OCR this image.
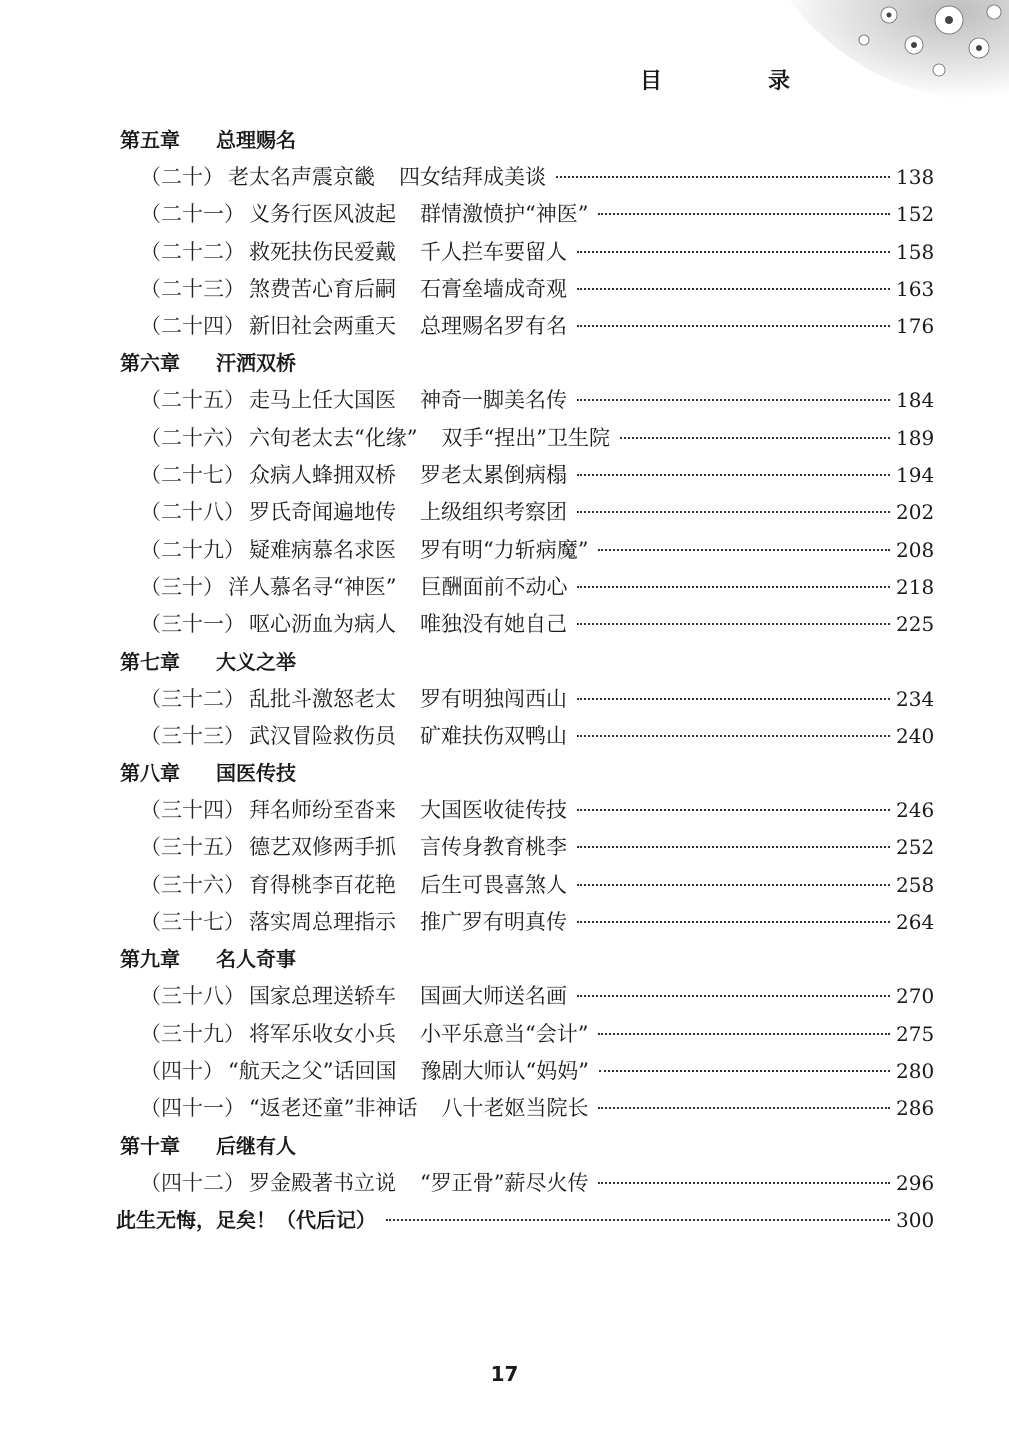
目　录
第五章 总理赐名
（二十） 老太名声震京畿 四女结拜成美谈	138
（二十一） 义务行医风波起 群情激愤护“神医”	152
（二十二） 救死扶伤民爱戴 千人拦车要留人	158
（二十三） 煞费苦心育后嗣 石膏垒墙成奇观	163
（二十四） 新旧社会两重天 总理赐名罗有名	176
第六章 汗洒双桥
（二十五） 走马上任大国医 神奇一脚美名传	184
（二十六） 六旬老太去“化缘” 双手“捏出”卫生院	189
（二十七） 众病人蜂拥双桥 罗老太累倒病榻	194
（二十八） 罗氏奇闻遍地传 上级组织考察团	202
（二十九） 疑难病慕名求医 罗有明“力斩病魔”	208
（三十） 洋人慕名寻“神医” 巨酬面前不动心	218
（三十一） 呕心沥血为病人 唯独没有她自己	225
第七章 大义之举
（三十二） 乱批斗激怒老太 罗有明独闯西山	234
（三十三） 武汉冒险救伤员 矿难扶伤双鸭山	240
第八章 国医传技
（三十四） 拜名师纷至沓来 大国医收徒传技	246
（三十五） 德艺双修两手抓 言传身教育桃李	252
（三十六） 育得桃李百花艳 后生可畏喜煞人	258
（三十七） 落实周总理指示 推广罗有明真传	264
第九章 名人奇事
（三十八） 国家总理送轿车 国画大师送名画	270
（三十九） 将军乐收女小兵 小平乐意当“会计”	275
（四十） “航天之父”话回国 豫剧大师认“妈妈”	280
（四十一） “返老还童”非神话 八十老妪当院长	286
第十章 后继有人
（四十二） 罗金殿著书立说 “罗正骨”薪尽火传	296
此生无悔，足矣！（代后记）	300
17
